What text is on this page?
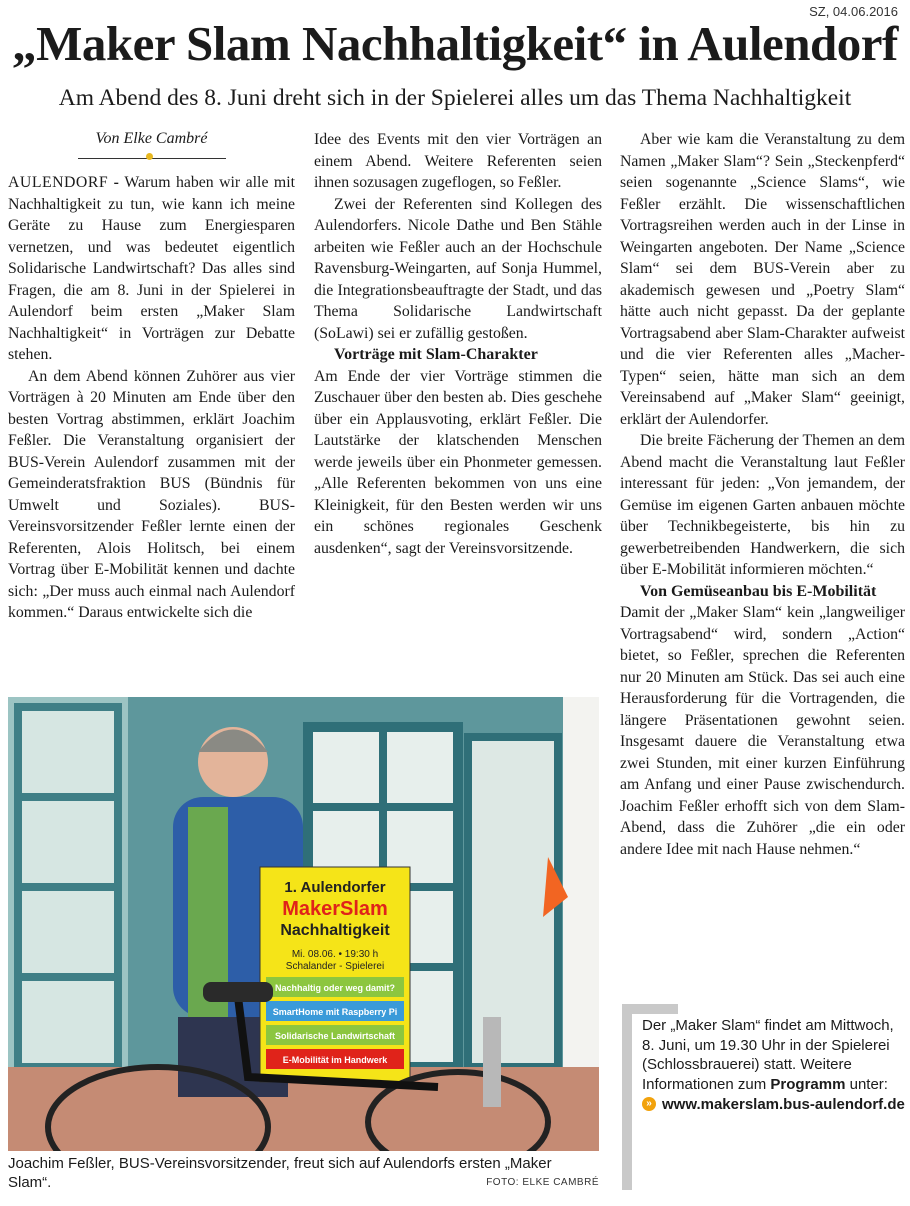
SZ, 04.06.2016
„Maker Slam Nachhaltigkeit“ in Aulendorf
Am Abend des 8. Juni dreht sich in der Spielerei alles um das Thema Nachhaltigkeit
Von Elke Cambré

AULENDORF - Warum haben wir alle mit Nachhaltigkeit zu tun, wie kann ich meine Geräte zu Hause zum Energiesparen vernetzen, und was bedeutet eigentlich Solidarische Landwirtschaft? Das alles sind Fragen, die am 8. Juni in der Spielerei in Aulendorf beim ersten „Maker Slam Nachhaltigkeit“ in Vorträgen zur Debatte stehen.

An dem Abend können Zuhörer aus vier Vorträgen à 20 Minuten am Ende über den besten Vortrag abstimmen, erklärt Joachim Feßler. Die Veranstaltung organisiert der BUS-Verein Aulendorf zusammen mit der Gemeinderatsfraktion BUS (Bündnis für Umwelt und Soziales). BUS-Vereinsvorsitzender Feßler lernte einen der Referenten, Alois Holitsch, bei einem Vortrag über E-Mobilität kennen und dachte sich: „Der muss auch einmal nach Aulendorf kommen.“ Daraus entwickelte sich die

Idee des Events mit den vier Vorträgen an einem Abend. Weitere Referenten seien ihnen sozusagen zugeflogen, so Feßler.

Zwei der Referenten sind Kollegen des Aulendorfers. Nicole Dathe und Ben Stähle arbeiten wie Feßler auch an der Hochschule Ravensburg-Weingarten, auf Sonja Hummel, die Integrationsbeauftragte der Stadt, und das Thema Solidarische Landwirtschaft (SoLawi) sei er zufällig gestoßen.

Vorträge mit Slam-Charakter

Am Ende der vier Vorträge stimmen die Zuschauer über den besten ab. Dies geschehe über ein Applausvoting, erklärt Feßler. Die Lautstärke der klatschenden Menschen werde jeweils über ein Phonmeter gemessen. „Alle Referenten bekommen von uns eine Kleinigkeit, für den Besten werden wir uns ein schönes regionales Geschenk ausdenken“, sagt der Vereinsvorsitzende.

Aber wie kam die Veranstaltung zu dem Namen „Maker Slam“? Sein „Steckenpferd“ seien sogenannte „Science Slams“, wie Feßler erzählt. Die wissenschaftlichen Vortragsreihen werden auch in der Linse in Weingarten angeboten. Der Name „Science Slam“ sei dem BUS-Verein aber zu akademisch gewesen und „Poetry Slam“ hätte auch nicht gepasst. Da der geplante Vortragsabend aber Slam-Charakter aufweist und die vier Referenten alles „Macher-Typen“ seien, hätte man sich an dem Vereinsabend auf „Maker Slam“ geeinigt, erklärt der Aulendorfer.

Die breite Fächerung der Themen an dem Abend macht die Veranstaltung laut Feßler interessant für jeden: „Von jemandem, der Gemüse im eigenen Garten anbauen möchte über Technikbegeisterte, bis hin zu gewerbetreibenden Handwerkern, die sich über E-Mobilität informieren möchten.“

Von Gemüseanbau bis E-Mobilität

Damit der „Maker Slam“ kein „langweiliger Vortragsabend“ wird, sondern „Action“ bietet, so Feßler, sprechen die Referenten nur 20 Minuten am Stück. Das sei auch eine Herausforderung für die Vortragenden, die längere Präsentationen gewohnt seien. Insgesamt dauere die Veranstaltung etwa zwei Stunden, mit einer kurzen Einführung am Anfang und einer Pause zwischendurch. Joachim Feßler erhofft sich von dem Slam-Abend, dass die Zuhörer „die ein oder andere Idee mit nach Hause nehmen.“

1. Aulendorfer
MakerSlam
Nachhaltigkeit
Mi. 08.06. • 19:30 h
Schalander - Spielerei
Nachhaltig oder weg damit?
SmartHome mit Raspberry Pi
Solidarische Landwirtschaft
E-Mobilität im Handwerk
Joachim Feßler, BUS-Vereinsvorsitzender, freut sich auf Aulendorfs ersten „Maker Slam“.	FOTO: ELKE CAMBRÉ
Der „Maker Slam“ findet am Mittwoch, 8. Juni, um 19.30 Uhr in der Spielerei (Schlossbrauerei) statt. Weitere Informationen zum Programm unter:
» www.makerslam.bus-aulendorf.de
